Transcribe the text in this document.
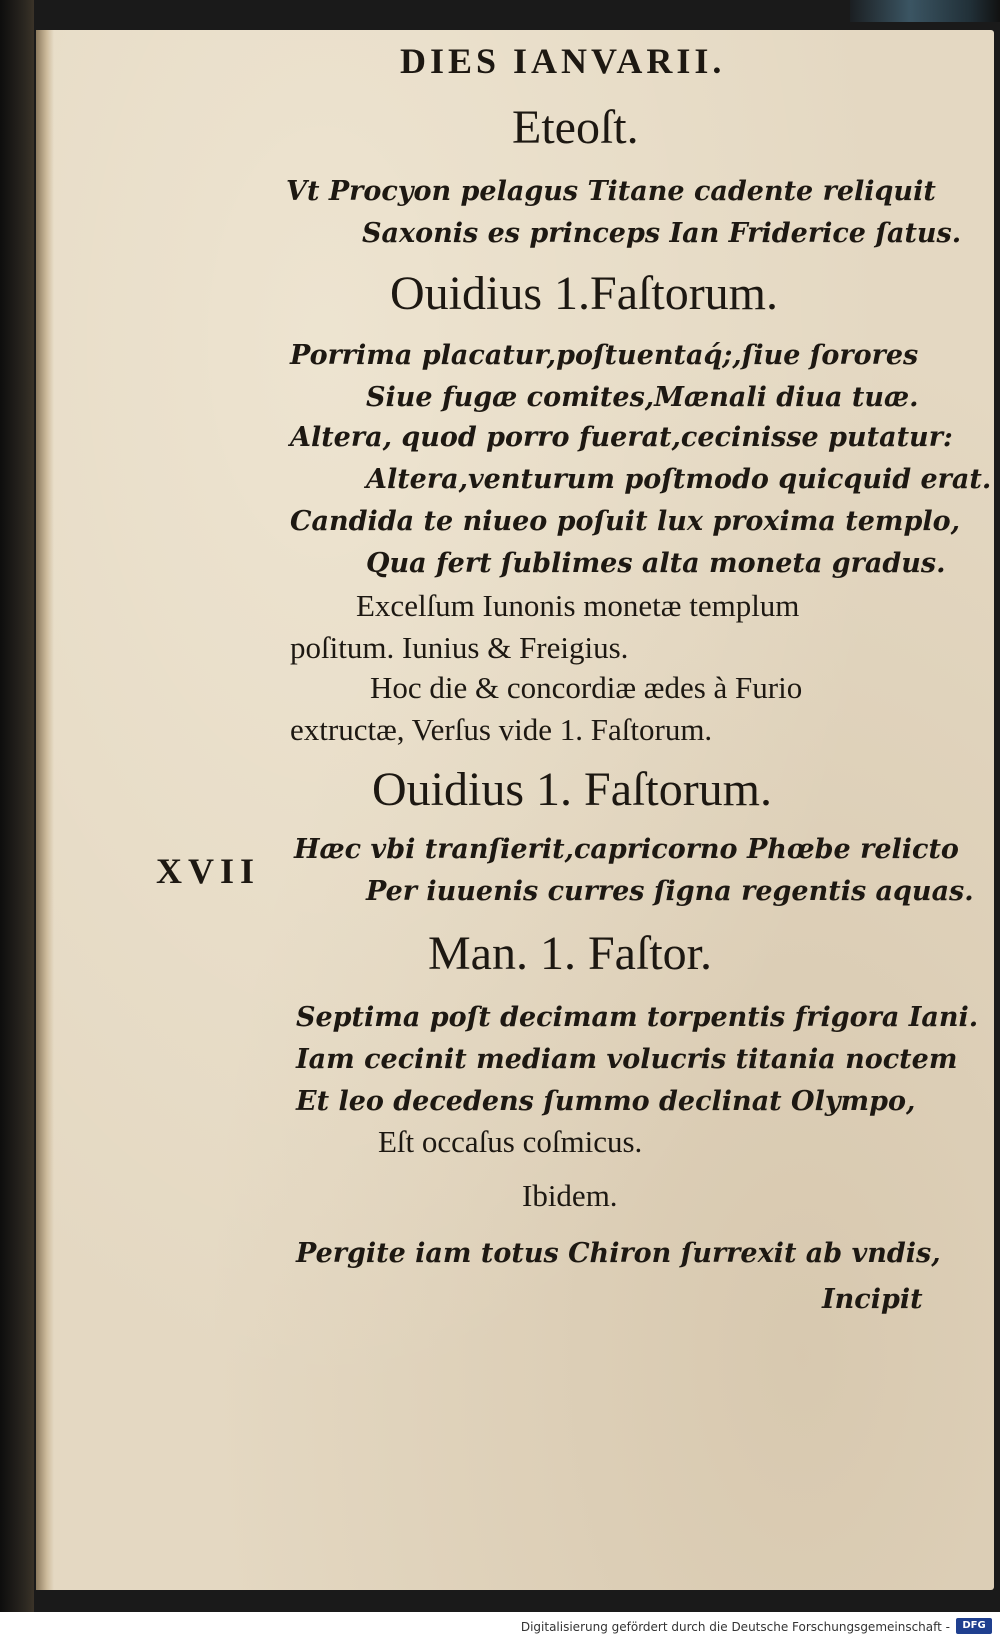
DIES IANVARII.
Eteoſt.
Vt Procyon pelagus Titane cadente reliquit
Saxonis es princeps Ian Friderice ſatus.
Ouidius 1.Faſtorum.
Porrima placatur,poſtuentaq́;,ſiue ſorores
Siue fugæ comites,Mænali diua tuæ.
Altera, quod porro fuerat,cecinisse putatur:
Altera,venturum poſtmodo quicquid erat.
Candida te niueo poſuit lux proxima templo,
Qua fert ſublimes alta moneta gradus.
Excelſum Iunonis monetæ templum
poſitum. Iunius & Freigius.
Hoc die & concordiæ ædes à Furio
extructæ, Verſus vide 1. Faſtorum.
Ouidius 1. Faſtorum.
XVII
Hæc vbi tranſierit,capricorno Phœbe relicto
Per iuuenis curres ſigna regentis aquas.
Man. 1. Faſtor.
Septima poſt decimam torpentis frigora Iani.
Iam cecinit mediam volucris titania noctem
Et leo decedens ſummo declinat Olympo,
Eſt occaſus coſmicus.
Ibidem.
Pergite iam totus Chiron ſurrexit ab vndis,
Incipit
Digitalisierung gefördert durch die Deutsche Forschungsgemeinschaft -	DFG
